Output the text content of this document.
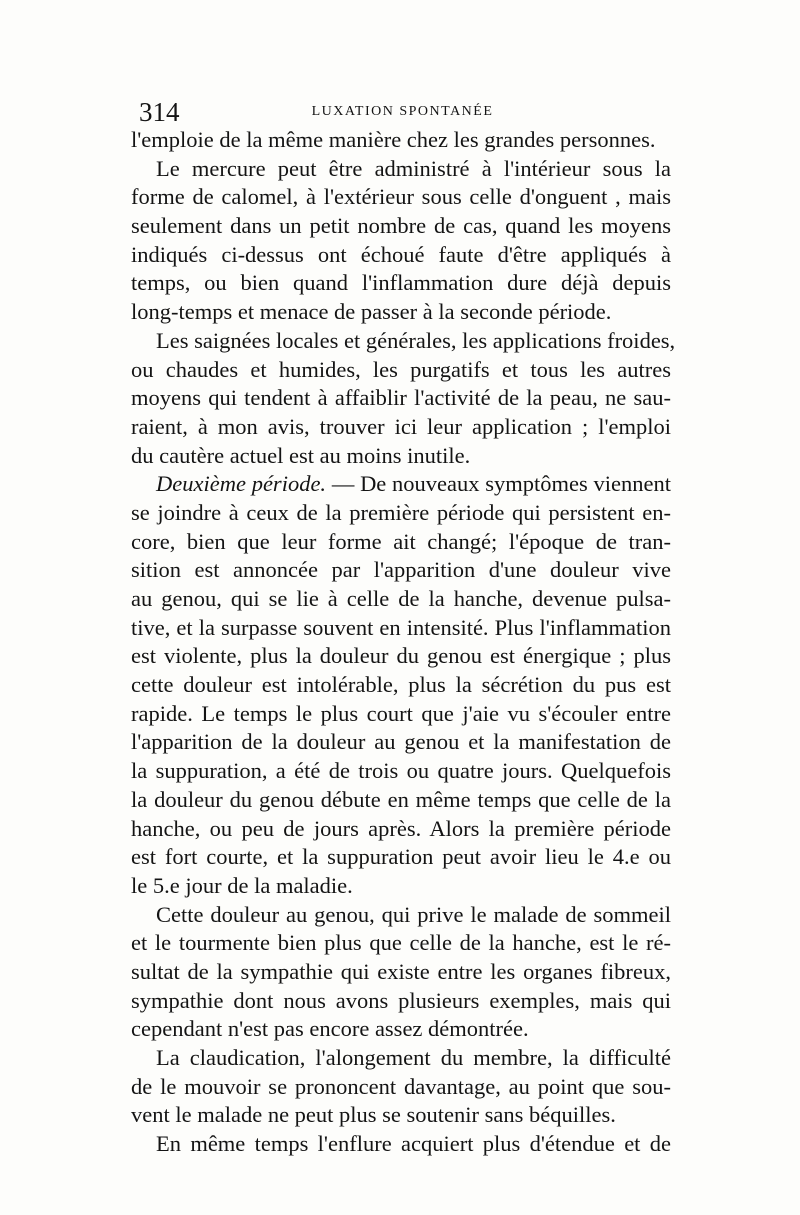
314	LUXATION SPONTANÉE
l'emploie de la même manière chez les grandes personnes.
Le mercure peut être administré à l'intérieur sous la
forme de calomel, à l'extérieur sous celle d'onguent , mais
seulement dans un petit nombre de cas, quand les moyens
indiqués ci-dessus ont échoué faute d'être appliqués à
temps, ou bien quand l'inflammation dure déjà depuis
long-temps et menace de passer à la seconde période.
Les saignées locales et générales, les applications froides,
ou chaudes et humides, les purgatifs et tous les autres
moyens qui tendent à affaiblir l'activité de la peau, ne sau-
raient, à mon avis, trouver ici leur application ; l'emploi
du cautère actuel est au moins inutile.
Deuxième période. — De nouveaux symptômes viennent
se joindre à ceux de la première période qui persistent en-
core, bien que leur forme ait changé; l'époque de tran-
sition est annoncée par l'apparition d'une douleur vive
au genou, qui se lie à celle de la hanche, devenue pulsa-
tive, et la surpasse souvent en intensité. Plus l'inflammation
est violente, plus la douleur du genou est énergique ; plus
cette douleur est intolérable, plus la sécrétion du pus est
rapide. Le temps le plus court que j'aie vu s'écouler entre
l'apparition de la douleur au genou et la manifestation de
la suppuration, a été de trois ou quatre jours. Quelquefois
la douleur du genou débute en même temps que celle de la
hanche, ou peu de jours après. Alors la première période
est fort courte, et la suppuration peut avoir lieu le 4.e ou
le 5.e jour de la maladie.
Cette douleur au genou, qui prive le malade de sommeil
et le tourmente bien plus que celle de la hanche, est le ré-
sultat de la sympathie qui existe entre les organes fibreux,
sympathie dont nous avons plusieurs exemples, mais qui
cependant n'est pas encore assez démontrée.
La claudication, l'alongement du membre, la difficulté
de le mouvoir se prononcent davantage, au point que sou-
vent le malade ne peut plus se soutenir sans béquilles.
En même temps l'enflure acquiert plus d'étendue et de
